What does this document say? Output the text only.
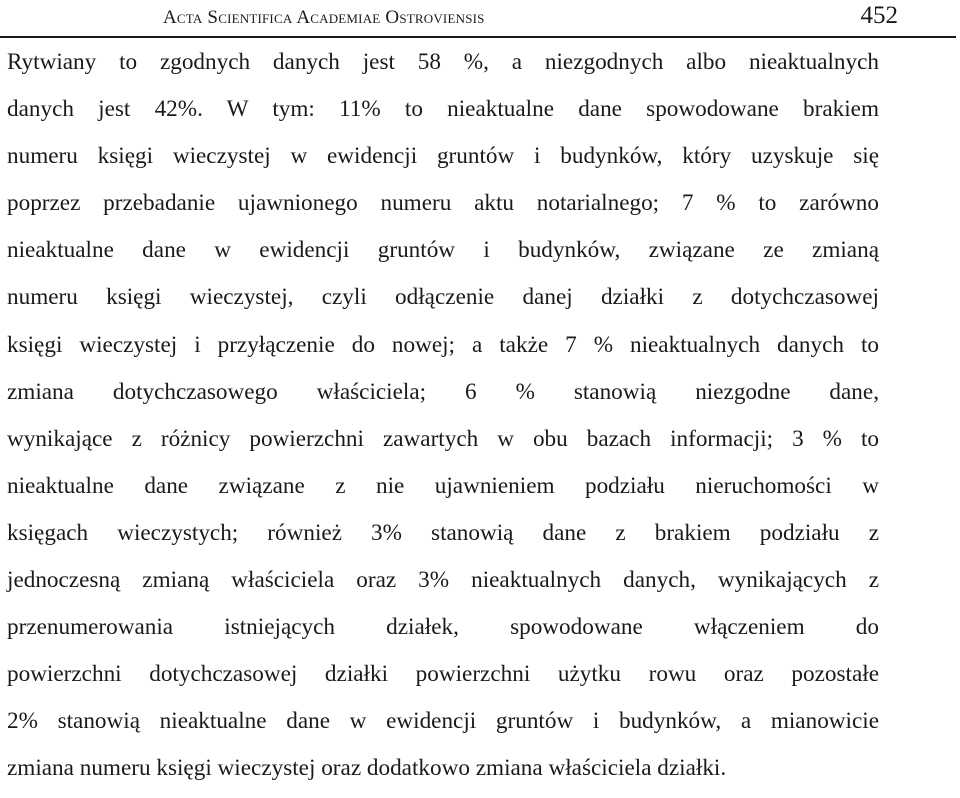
Acta Scientifica Academiae Ostroviensis	452
Rytwiany to zgodnych danych jest 58 %, a niezgodnych albo nieaktualnych
danych jest 42%. W tym: 11% to nieaktualne dane spowodowane brakiem
numeru księgi wieczystej w ewidencji gruntów i budynków, który uzyskuje się
poprzez przebadanie ujawnionego numeru aktu notarialnego; 7 % to zarówno
nieaktualne dane w ewidencji gruntów i budynków, związane ze zmianą
numeru księgi wieczystej, czyli odłączenie danej działki z dotychczasowej
księgi wieczystej i przyłączenie do nowej; a także 7 % nieaktualnych danych to
zmiana dotychczasowego właściciela; 6 % stanowią niezgodne dane,
wynikające z różnicy powierzchni zawartych w obu bazach informacji; 3 % to
nieaktualne dane związane z nie ujawnieniem podziału nieruchomości w
księgach wieczystych; również 3% stanowią dane z brakiem podziału z
jednoczesną zmianą właściciela oraz 3% nieaktualnych danych, wynikających z
przenumerowania istniejących działek, spowodowane włączeniem do
powierzchni dotychczasowej działki powierzchni użytku rowu oraz pozostałe
2% stanowią nieaktualne dane w ewidencji gruntów i budynków, a mianowicie
zmiana numeru księgi wieczystej oraz dodatkowo zmiana właściciela działki.
